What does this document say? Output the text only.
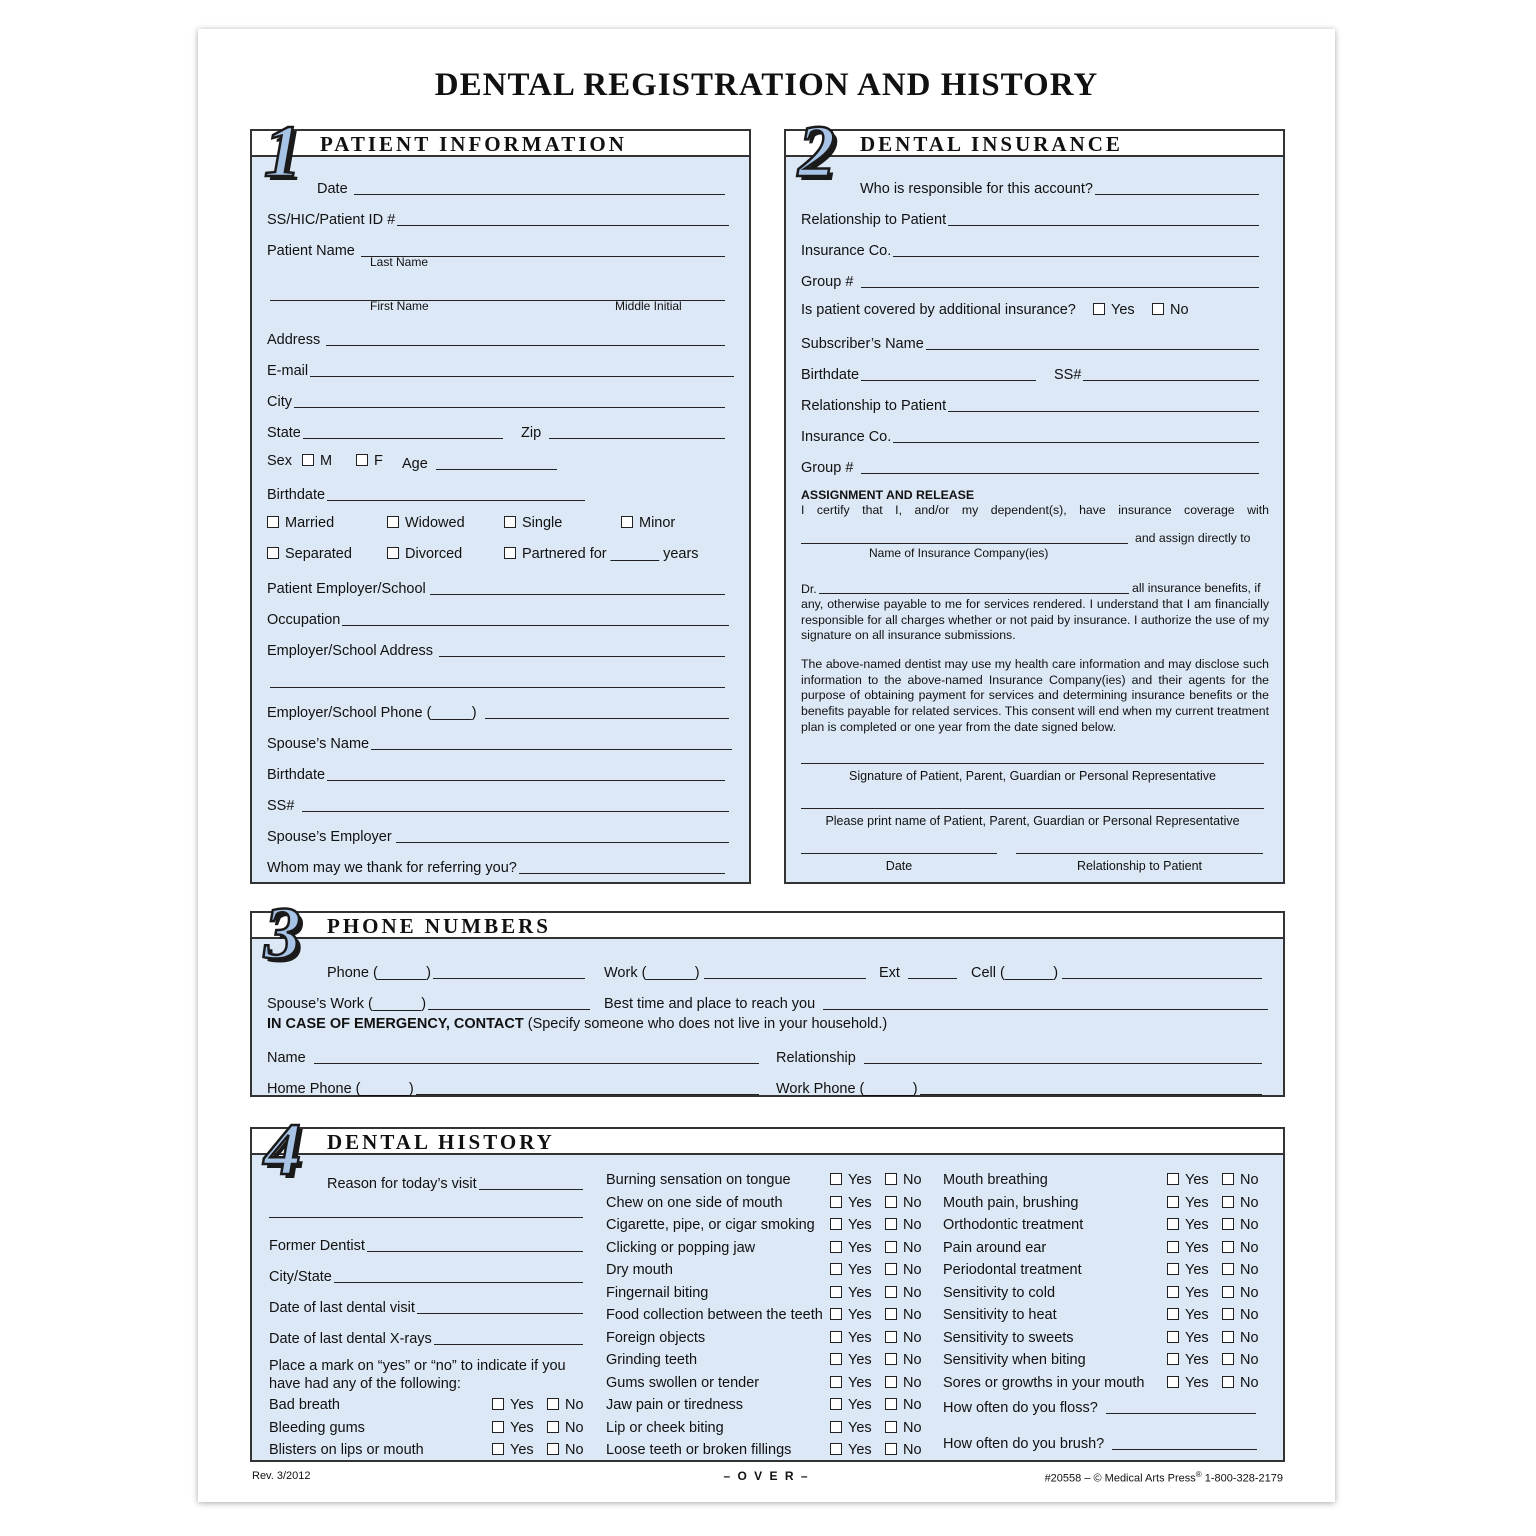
DENTAL REGISTRATION AND HISTORY
PATIENT INFORMATION
Date
SS/HIC/Patient ID #
Patient Name
Last Name
First Name	Middle Initial
Address
E-mail
City
State	Zip
Sex	M	F Age
Birthdate
Married	Widowed	Single	Minor
Separated	Divorced	Partnered for ______ years
Patient Employer/School
Occupation
Employer/School Address
Employer/School Phone (_____)
Spouse’s Name
Birthdate
SS#
Spouse’s Employer
Whom may we thank for referring you?
1	DENTAL INSURANCE
Who is responsible for this account?
Relationship to Patient
Insurance Co.
Group #
Is patient covered by additional insurance?	Yes	No
Subscriber’s Name
Birthdate	SS#
Relationship to Patient
Insurance Co.
Group #
ASSIGNMENT AND RELEASE
I certify that I, and/or my dependent(s), have insurance coverage with
and assign directly to
Name of Insurance Company(ies)
Dr.	all insurance benefits, if
any, otherwise payable to me for services rendered. I understand that I am financially responsible for all charges whether or not paid by insurance. I authorize the use of my signature on all insurance submissions.
The above-named dentist may use my health care information and may disclose such information to the above-named Insurance Company(ies) and their agents for the purpose of obtaining payment for services and determining insurance benefits or the benefits payable for related services. This consent will end when my current treatment plan is completed or one year from the date signed below.
Signature of Patient, Parent, Guardian or Personal Representative
Please print name of Patient, Parent, Guardian or Personal Representative
Date	Relationship to Patient
2
PHONE NUMBERS
Phone (______)	Work (______)	Ext	Cell (______)
Spouse’s Work (______)	Best time and place to reach you
IN CASE OF EMERGENCY, CONTACT (Specify someone who does not live in your household.)
Name	Relationship
Home Phone (______)	Work Phone (______)
3
DENTAL HISTORY
Reason for today’s visit
Former Dentist
City/State
Date of last dental visit
Date of last dental X-rays
Place a mark on “yes” or “no” to indicate if you have had any of the following:
Bad breath	Yes	No
Bleeding gums	Yes	No
Blisters on lips or mouth	Yes	No
Burning sensation on tongue	Yes	No
Chew on one side of mouth	Yes	No
Cigarette, pipe, or cigar smoking	Yes	No
Clicking or popping jaw	Yes	No
Dry mouth	Yes	No
Fingernail biting	Yes	No
Food collection between the teeth	Yes	No
Foreign objects	Yes	No
Grinding teeth	Yes	No
Gums swollen or tender	Yes	No
Jaw pain or tiredness	Yes	No
Lip or cheek biting	Yes	No
Loose teeth or broken fillings	Yes	No
Mouth breathing	Yes	No
Mouth pain, brushing	Yes	No
Orthodontic treatment	Yes	No
Pain around ear	Yes	No
Periodontal treatment	Yes	No
Sensitivity to cold	Yes	No
Sensitivity to heat	Yes	No
Sensitivity to sweets	Yes	No
Sensitivity when biting	Yes	No
Sores or growths in your mouth	Yes	No
How often do you floss?
How often do you brush?
4
Rev. 3/2012	– O V E R –	#20558 – © Medical Arts Press® 1-800-328-2179
